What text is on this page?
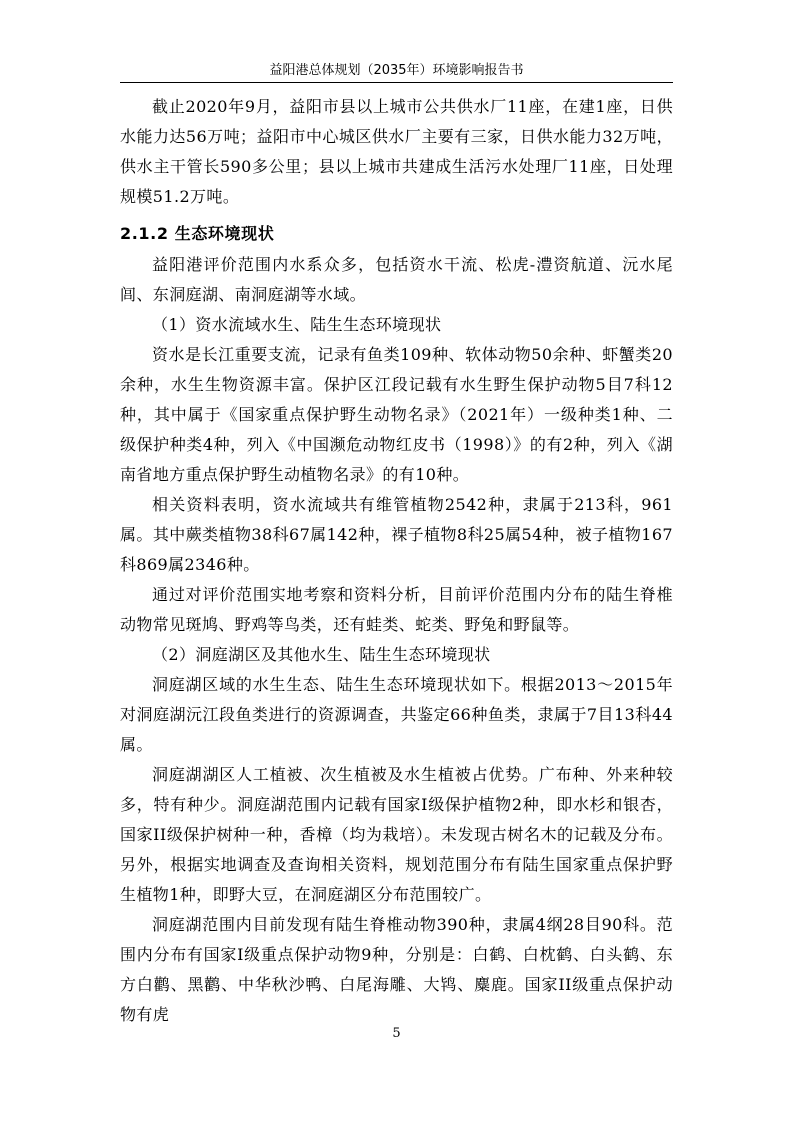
益阳港总体规划（2035年）环境影响报告书

截止2020年9月，益阳市县以上城市公共供水厂11座，在建1座，日供水能力达56万吨；益阳市中心城区供水厂主要有三家，日供水能力32万吨，供水主干管长590多公里；县以上城市共建成生活污水处理厂11座，日处理规模51.2万吨。

2.1.2 生态环境现状

益阳港评价范围内水系众多，包括资水干流、松虎-澧资航道、沅水尾闾、东洞庭湖、南洞庭湖等水域。

（1）资水流域水生、陆生生态环境现状

资水是长江重要支流，记录有鱼类109种、软体动物50余种、虾蟹类20余种，水生生物资源丰富。保护区江段记载有水生野生保护动物5目7科12种，其中属于《国家重点保护野生动物名录》（2021年）一级种类1种、二级保护种类4种，列入《中国濒危动物红皮书（1998）》的有2种，列入《湖南省地方重点保护野生动植物名录》的有10种。

相关资料表明，资水流域共有维管植物2542种，隶属于213科，961属。其中蕨类植物38科67属142种，裸子植物8科25属54种，被子植物167科869属2346种。

通过对评价范围实地考察和资料分析，目前评价范围内分布的陆生脊椎动物常见斑鸠、野鸡等鸟类，还有蛙类、蛇类、野兔和野鼠等。

（2）洞庭湖区及其他水生、陆生生态环境现状

洞庭湖区域的水生生态、陆生生态环境现状如下。根据2013～2015年对洞庭湖沅江段鱼类进行的资源调查，共鉴定66种鱼类，隶属于7目13科44属。

洞庭湖湖区人工植被、次生植被及水生植被占优势。广布种、外来种较多，特有种少。洞庭湖范围内记载有国家I级保护植物2种，即水杉和银杏，国家II级保护树种一种，香樟（均为栽培）。未发现古树名木的记载及分布。另外，根据实地调查及查询相关资料，规划范围分布有陆生国家重点保护野生植物1种，即野大豆，在洞庭湖区分布范围较广。

洞庭湖范围内目前发现有陆生脊椎动物390种，隶属4纲28目90科。范围内分布有国家I级重点保护动物9种，分别是：白鹤、白枕鹤、白头鹤、东方白鹳、黑鹳、中华秋沙鸭、白尾海雕、大鸨、麋鹿。国家II级重点保护动物有虎

5
